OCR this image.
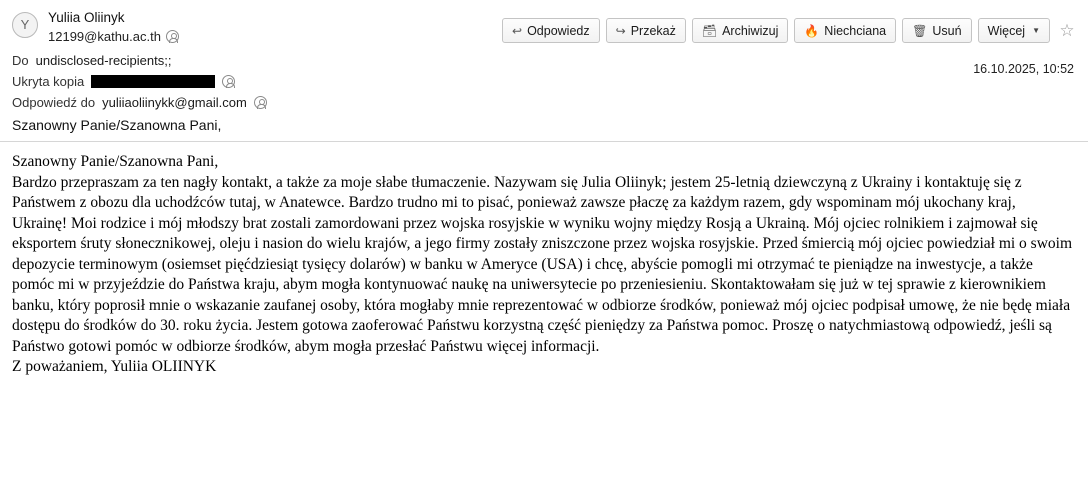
Y	Yuliia Oliinyk
12199@kathu.ac.th	↩ Odpowiedz ↪ Przekaż 🗃 Archiwizuj 🔥 Niechciana 🗑 Usuń Więcej ▼ ☆
16.10.2025, 10:52
Do undisclosed-recipients;;
Ukryta kopia
Odpowiedź do yuliiaoliinykk@gmail.com
Szanowny Panie/Szanowna Pani,

Szanowny Panie/Szanowna Pani,

Bardzo przepraszam za ten nagły kontakt, a także za moje słabe tłumaczenie. Nazywam się Julia Oliinyk; jestem 25-letnią dziewczyną z Ukrainy i kontaktuję się z Państwem z obozu dla uchodźców tutaj, w Anatewce. Bardzo trudno mi to pisać, ponieważ zawsze płaczę za każdym razem, gdy wspominam mój ukochany kraj, Ukrainę! Moi rodzice i mój młodszy brat zostali zamordowani przez wojska rosyjskie w wyniku wojny między Rosją a Ukrainą. Mój ojciec rolnikiem i zajmował się eksportem śruty słonecznikowej, oleju i nasion do wielu krajów, a jego firmy zostały zniszczone przez wojska rosyjskie. Przed śmiercią mój ojciec powiedział mi o swoim depozycie terminowym (osiemset pięćdziesiąt tysięcy dolarów) w banku w Ameryce (USA) i chcę, abyście pomogli mi otrzymać te pieniądze na inwestycje, a także pomóc mi w przyjeździe do Państwa kraju, abym mogła kontynuować naukę na uniwersytecie po przeniesieniu. Skontaktowałam się już w tej sprawie z kierownikiem banku, który poprosił mnie o wskazanie zaufanej osoby, która mogłaby mnie reprezentować w odbiorze środków, ponieważ mój ojciec podpisał umowę, że nie będę miała dostępu do środków do 30. roku życia. Jestem gotowa zaoferować Państwu korzystną część pieniędzy za Państwa pomoc. Proszę o natychmiastową odpowiedź, jeśli są Państwo gotowi pomóc w odbiorze środków, abym mogła przesłać Państwu więcej informacji.

Z poważaniem, Yuliia OLIINYK
